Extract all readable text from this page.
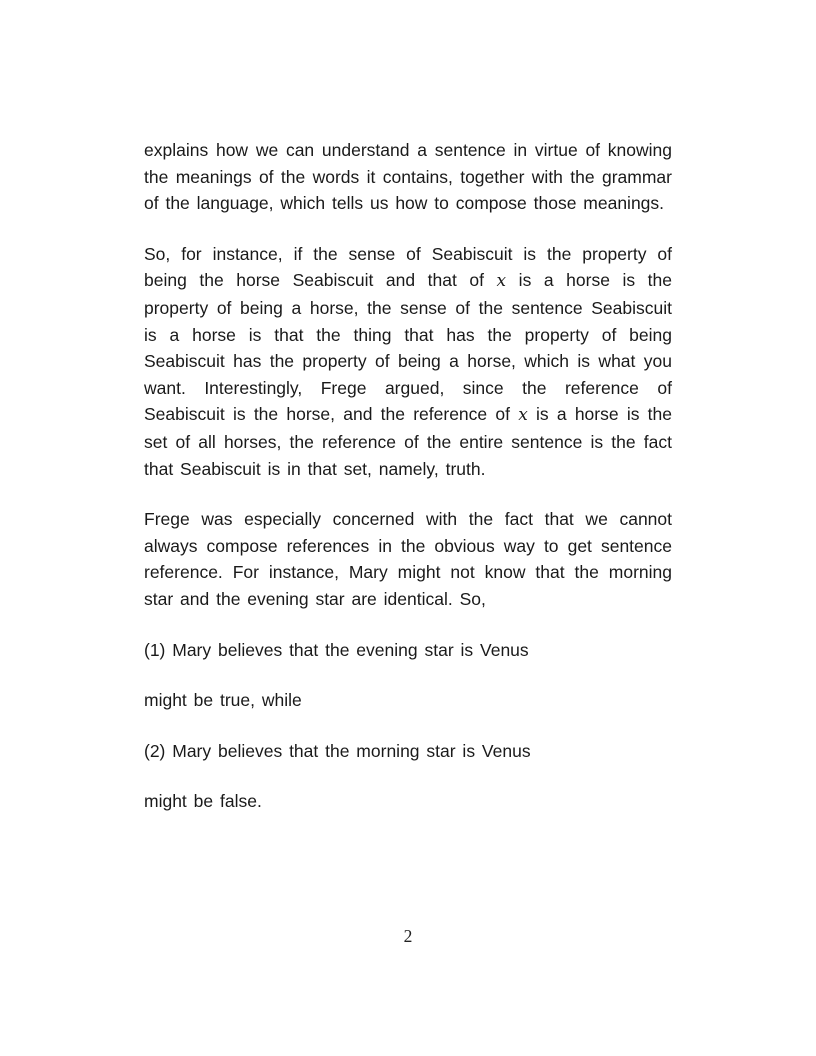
explains how we can understand a sentence in virtue of knowing the meanings of the words it contains, together with the grammar of the language, which tells us how to compose those meanings.

So, for instance, if the sense of Seabiscuit is the property of being the horse Seabiscuit and that of x is a horse is the property of being a horse, the sense of the sentence Seabiscuit is a horse is that the thing that has the property of being Seabiscuit has the property of being a horse, which is what you want. Interestingly, Frege argued, since the reference of Seabiscuit is the horse, and the reference of x is a horse is the set of all horses, the reference of the entire sentence is the fact that Seabiscuit is in that set, namely, truth.

Frege was especially concerned with the fact that we cannot always compose references in the obvious way to get sentence reference. For instance, Mary might not know that the morning star and the evening star are identical. So,

(1) Mary believes that the evening star is Venus

might be true, while

(2) Mary believes that the morning star is Venus

might be false.

2
